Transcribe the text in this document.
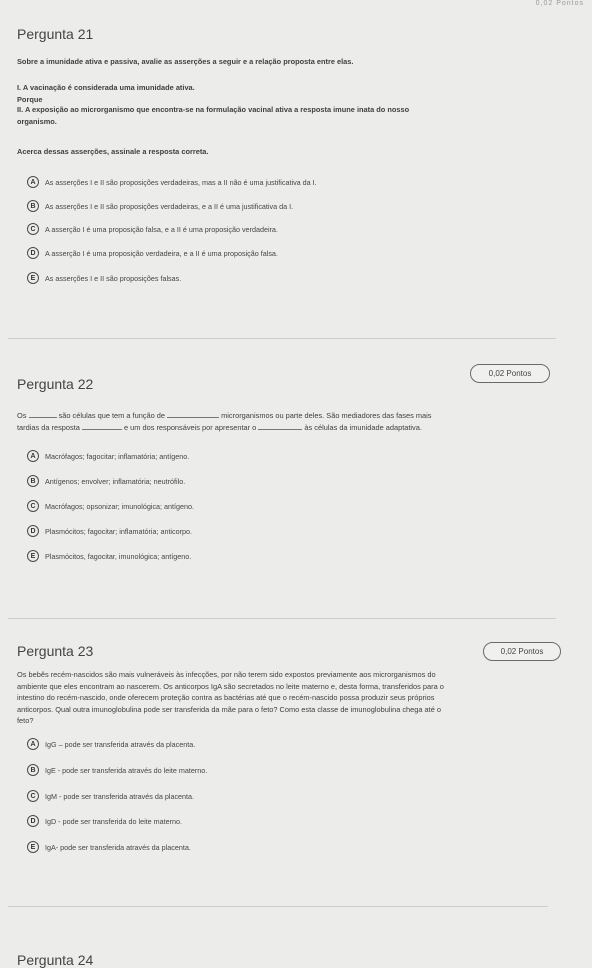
0,02 Pontos
Pergunta 21
Sobre a imunidade ativa e passiva, avalie as asserções a seguir e a relação proposta entre elas.
I. A vacinação é considerada uma imunidade ativa.
Porque
II. A exposição ao microrganismo que encontra-se na formulação vacinal ativa a resposta imune inata do nosso
organismo.
Acerca dessas asserções, assinale a resposta correta.
A	As asserções I e II são proposições verdadeiras, mas a II não é uma justificativa da I.
B	As asserções I e II são proposições verdadeiras, e a II é uma justificativa da I.
C	A asserção I é uma proposição falsa, e a II é uma proposição verdadeira.
D	A asserção I é uma proposição verdadeira, e a II é uma proposição falsa.
E	As asserções I e II são proposições falsas.
Pergunta 22
0,02 Pontos
Os	são células que tem a função de	microrganismos ou parte deles. São mediadores das fases mais
tardias da resposta	e um dos responsáveis por apresentar o	às células da imunidade adaptativa.
A	Macrófagos; fagocitar; inflamatória; antígeno.
B	Antígenos; envolver; inflamatória; neutrófilo.
C	Macrófagos; opsonizar; imunológica; antígeno.
D	Plasmócitos; fagocitar; inflamatória; anticorpo.
E	Plasmócitos, fagocitar, imunológica; antígeno.
Pergunta 23	0,02 Pontos
Os bebês recém-nascidos são mais vulneráveis às infecções, por não terem sido expostos previamente aos microrganismos do
ambiente que eles encontram ao nascerem. Os anticorpos IgA são secretados no leite materno e, desta forma, transferidos para o
intestino do recém-nascido, onde oferecem proteção contra as bactérias até que o recém-nascido possa produzir seus próprios
anticorpos. Qual outra imunoglobulina pode ser transferida da mãe para o feto? Como esta classe de imunoglobulina chega até o
feto?
A	IgG – pode ser transferida através da placenta.
B	IgE - pode ser transferida através do leite materno.
C	IgM - pode ser transferida através da placenta.
D	IgD - pode ser transferida do leite materno.
E	IgA- pode ser transferida através da placenta.
Pergunta 24
